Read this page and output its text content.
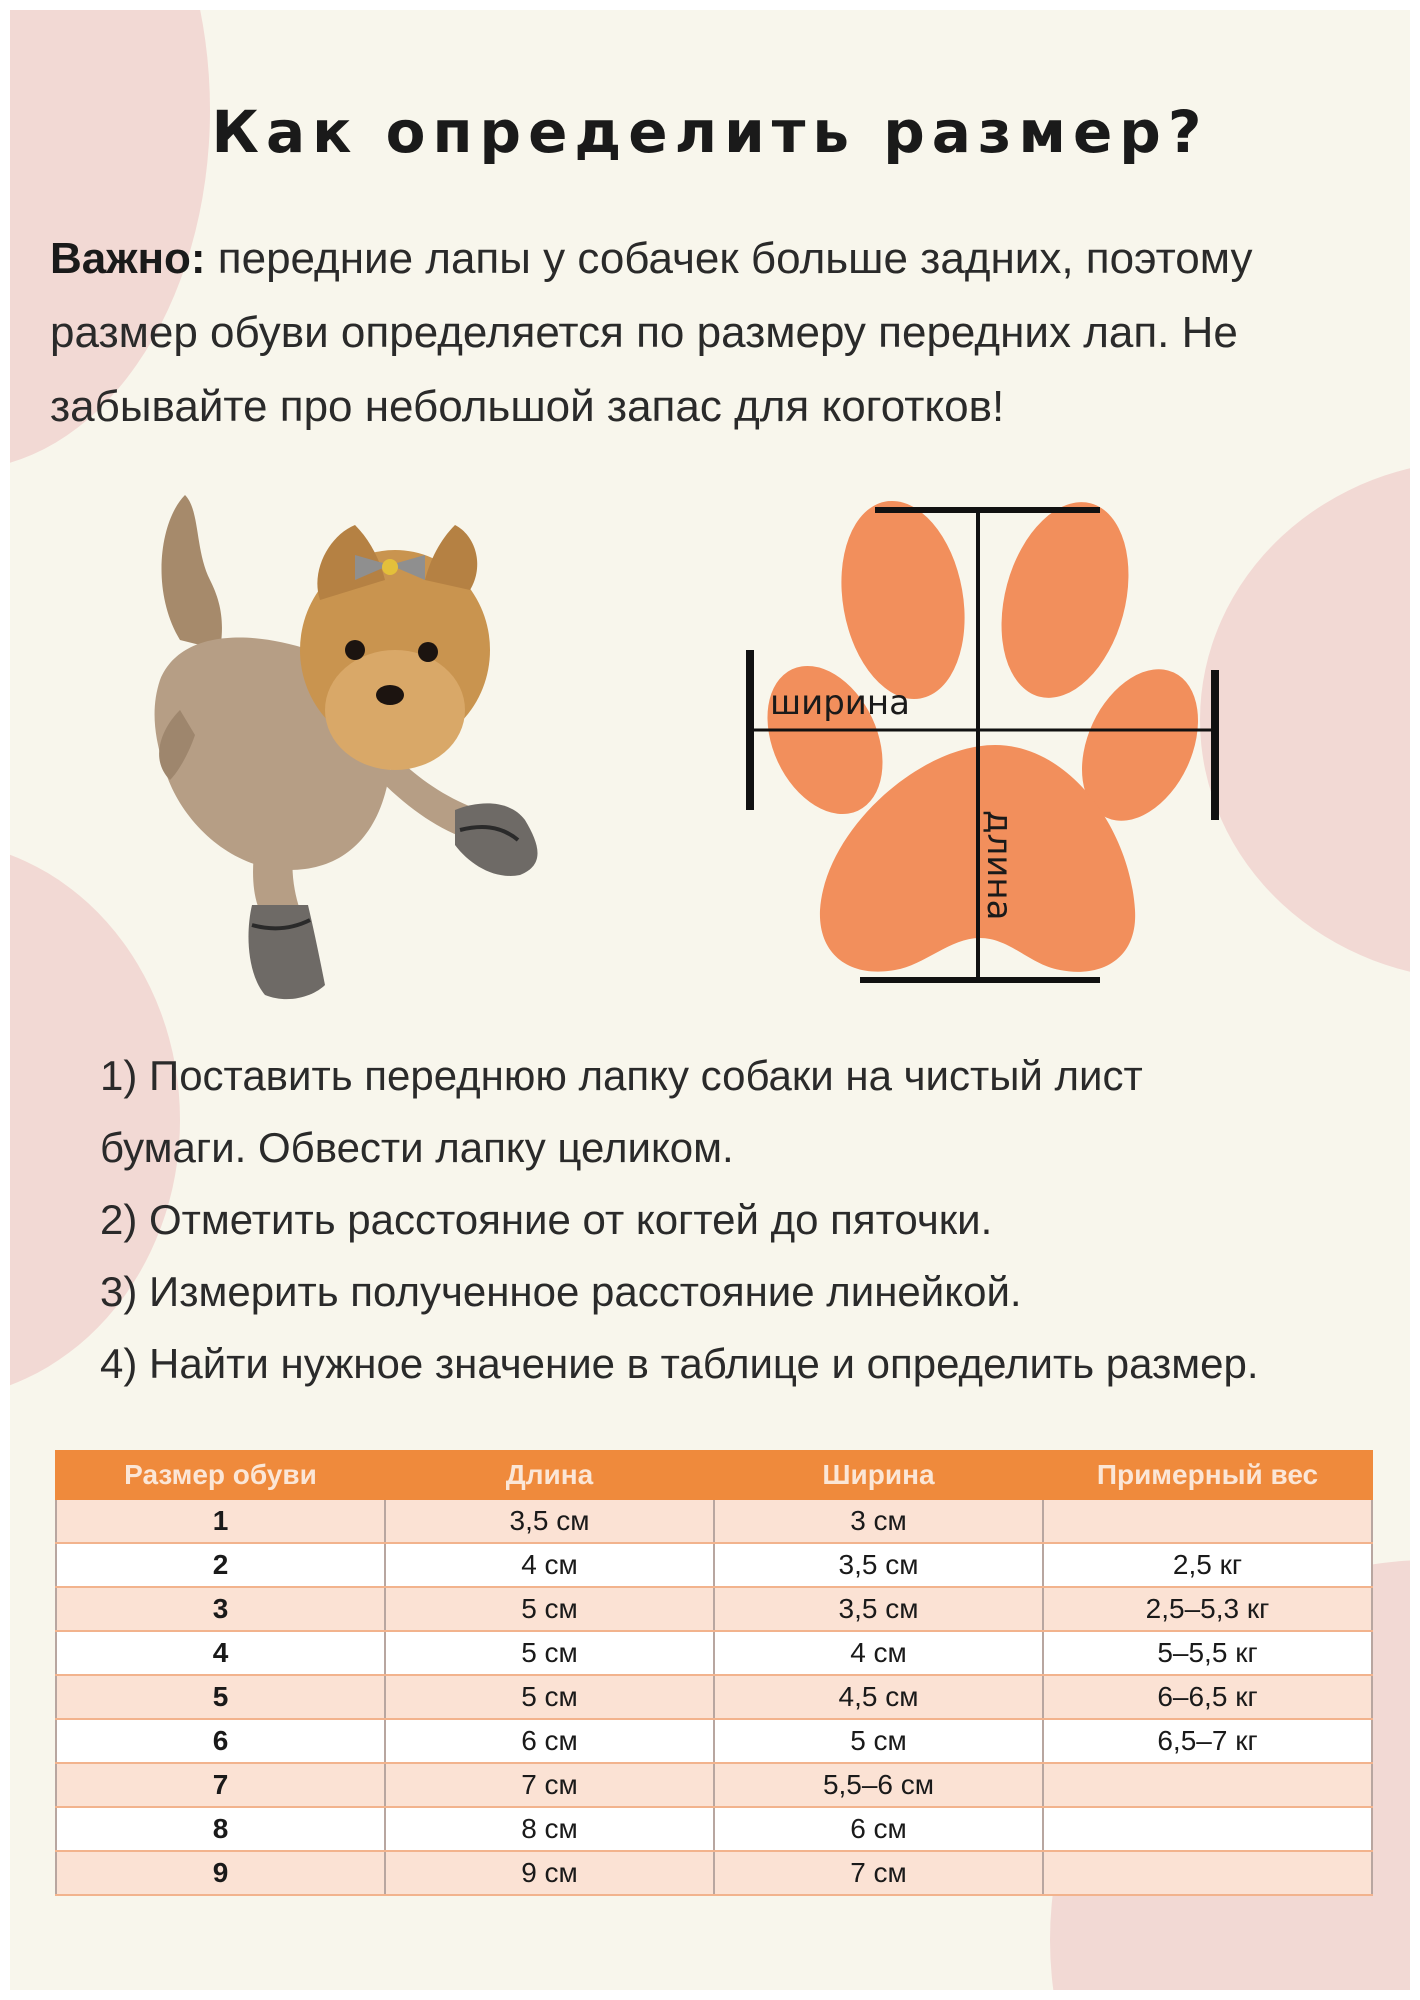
Как определить размер?
Важно: передние лапы у собачек больше задних, поэтому
размер обуви определяется по размеру передних лап. Не
забывайте про небольшой запас для коготков!
ширина
длина
1) Поставить переднюю лапку собаки на чистый лист
бумаги. Обвести лапку целиком.
2) Отметить расстояние от когтей до пяточки.
3) Измерить полученное расстояние линейкой.
4) Найти нужное значение в таблице и определить размер.
Размер обуви	Длина	Ширина	Примерный вес
1	3,5 см	3 см	
2	4 см	3,5 см	2,5 кг
3	5 см	3,5 см	2,5–5,3 кг
4	5 см	4 см	5–5,5 кг
5	5 см	4,5 см	6–6,5 кг
6	6 см	5 см	6,5–7 кг
7	7 см	5,5–6 см	
8	8 см	6 см	
9	9 см	7 см	
